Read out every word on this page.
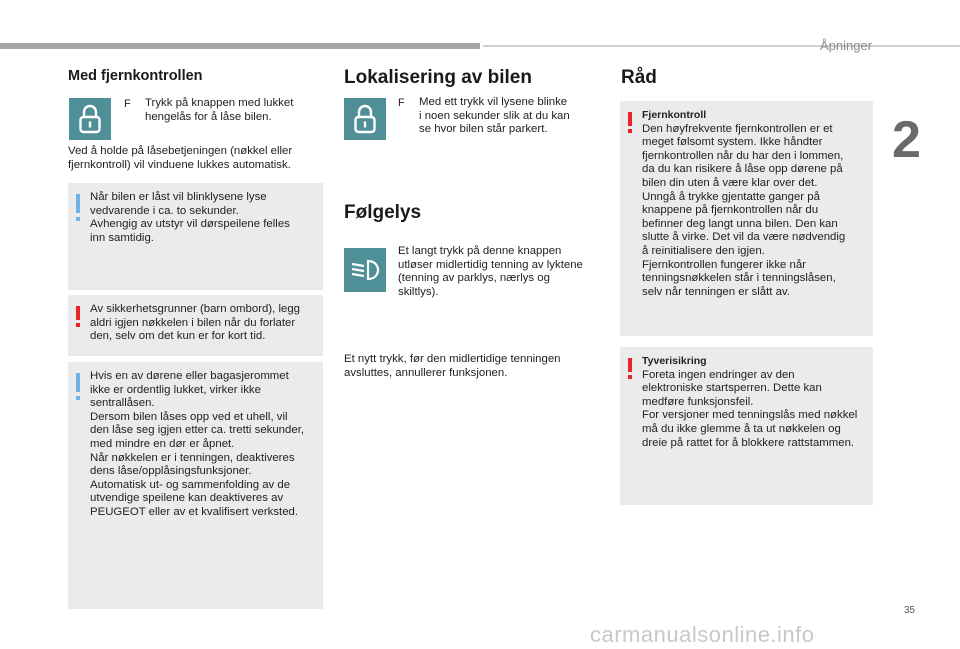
Åpninger
2
Med fjernkontrollen
F Trykk på knappen med lukket
hengelås for å låse bilen.
Ved å holde på låsebetjeningen (nøkkel eller
fjernkontroll) vil vinduene lukkes automatisk.
Når bilen er låst vil blinklysene lyse
vedvarende i ca. to sekunder.
Avhengig av utstyr vil dørspeilene felles
inn samtidig.
Av sikkerhetsgrunner (barn ombord), legg
aldri igjen nøkkelen i bilen når du forlater
den, selv om det kun er for kort tid.
Hvis en av dørene eller bagasjerommet
ikke er ordentlig lukket, virker ikke
sentrallåsen.
Dersom bilen låses opp ved et uhell, vil
den låse seg igjen etter ca. tretti sekunder,
med mindre en dør er åpnet.
Når nøkkelen er i tenningen, deaktiveres
dens låse/opplåsingsfunksjoner.
Automatisk ut- og sammenfolding av de
utvendige speilene kan deaktiveres av
PEUGEOT eller av et kvalifisert verksted.
Lokalisering av bilen
F Med ett trykk vil lysene blinke
i noen sekunder slik at du kan
se hvor bilen står parkert.
Følgelys
Et langt trykk på denne knappen
utløser midlertidig tenning av lyktene
(tenning av parklys, nærlys og
skiltlys).
Et nytt trykk, før den midlertidige tenningen
avsluttes, annullerer funksjonen.
Råd
Fjernkontroll
Den høyfrekvente fjernkontrollen er et
meget følsomt system. Ikke håndter
fjernkontrollen når du har den i lommen,
da du kan risikere å låse opp dørene på
bilen din uten å være klar over det.
Unngå å trykke gjentatte ganger på
knappene på fjernkontrollen når du
befinner deg langt unna bilen. Den kan
slutte å virke. Det vil da være nødvendig
å reinitialisere den igjen.
Fjernkontrollen fungerer ikke når
tenningsnøkkelen står i tenningslåsen,
selv når tenningen er slått av.
Tyverisikring
Foreta ingen endringer av den
elektroniske startsperren. Dette kan
medføre funksjonsfeil.
For versjoner med tenningslås med nøkkel
må du ikke glemme å ta ut nøkkelen og
dreie på rattet for å blokkere rattstammen.
35
carmanualsonline.info
